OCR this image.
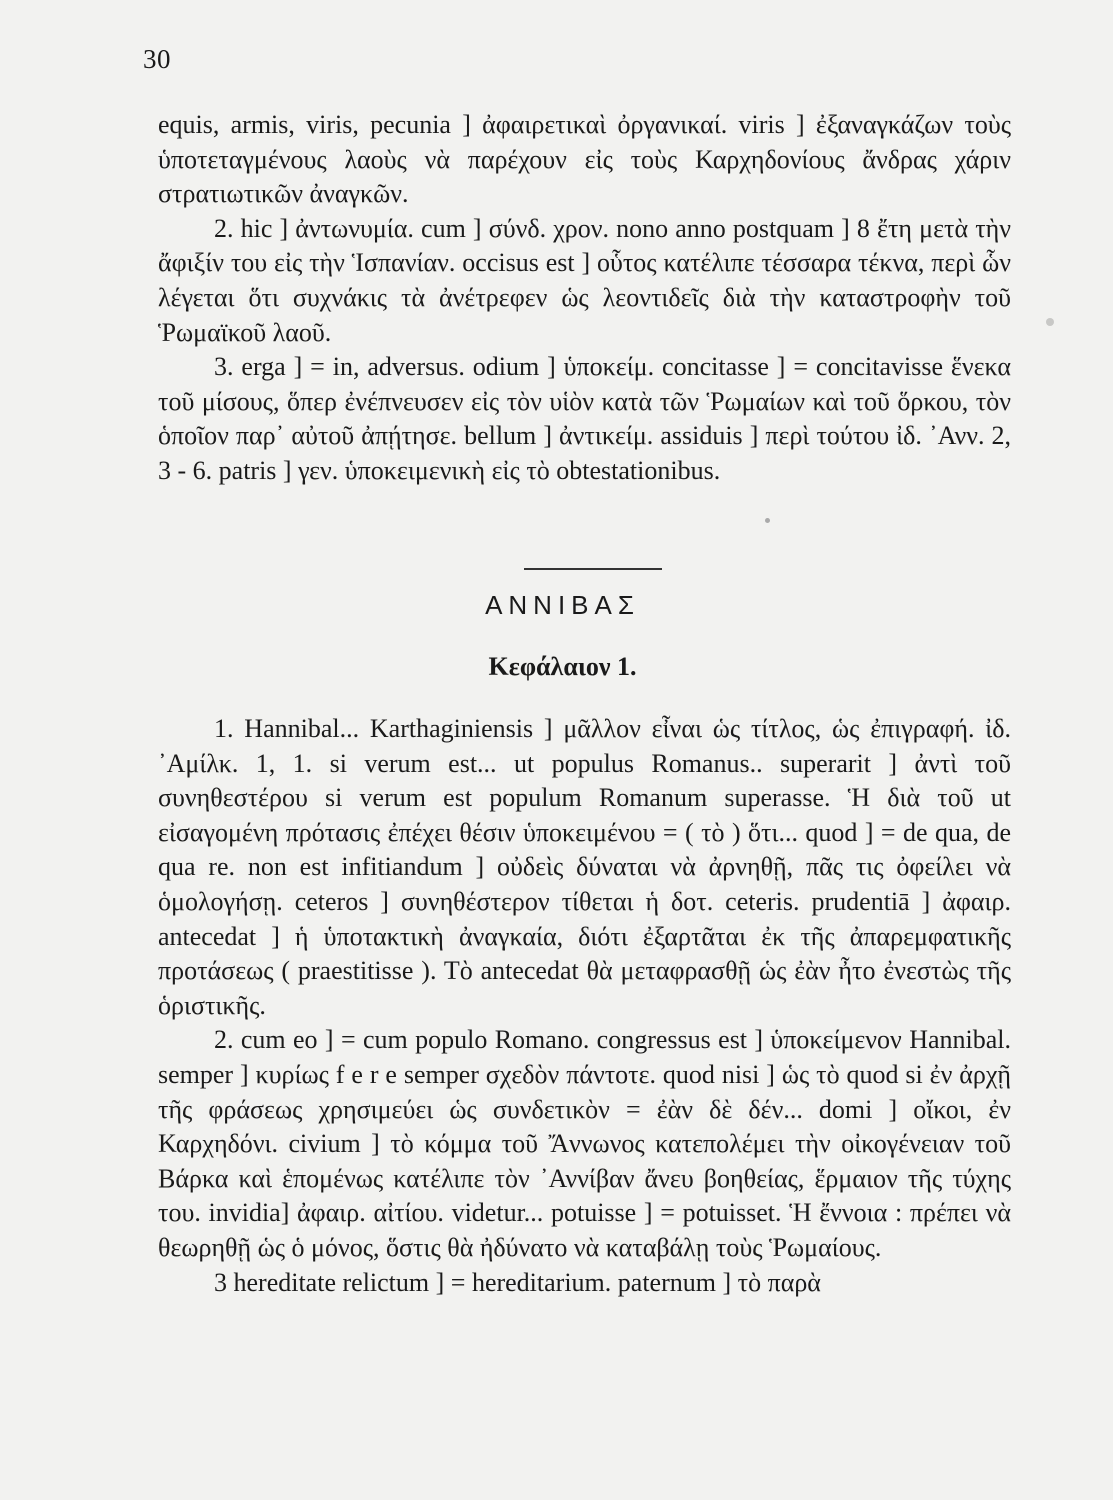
30

equis, armis, viris, pecunia ] ἀφαιρετικαὶ ὀργανικαί. viris ] ἐξαναγκάζων τοὺς ὑποτεταγμένους λαοὺς νὰ παρέχουν εἰς τοὺς Καρχηδονίους ἄνδρας χάριν στρατιωτικῶν ἀναγκῶν.

2. hic ] ἀντωνυμία. cum ] σύνδ. χρον. nono anno postquam ] 8 ἔτη μετὰ τὴν ἄφιξίν του εἰς τὴν Ἱσπανίαν. occisus est ] οὗτος κατέλιπε τέσσαρα τέκνα, περὶ ὧν λέγεται ὅτι συχνάκις τὰ ἀνέτρεφεν ὡς λεοντιδεῖς διὰ τὴν καταστροφὴν τοῦ Ῥωμαϊκοῦ λαοῦ.

3. erga ] = in, adversus. odium ] ὑποκείμ. concitasse ] = concitavisse ἕνεκα τοῦ μίσους, ὅπερ ἐνέπνευσεν εἰς τὸν υἱὸν κατὰ τῶν Ῥωμαίων καὶ τοῦ ὅρκου, τὸν ὁποῖον παρ᾽ αὐτοῦ ἀπῄτησε. bellum ] ἀντικείμ. assiduis ] περὶ τούτου ἰδ. ᾿Ανν. 2, 3 - 6. patris ] γεν. ὑποκειμενικὴ εἰς τὸ obtestationibus.

ΑΝΝΙΒΑΣ
Κεφάλαιον 1.

1. Hannibal... Karthaginiensis ] μᾶλλον εἶναι ὡς τίτλος, ὡς ἐπιγραφή. ἰδ. ᾿Αμίλκ. 1, 1. si verum est... ut populus Romanus.. superarit ] ἀντὶ τοῦ συνηθεστέρου si verum est populum Romanum superasse. Ἡ διὰ τοῦ ut εἰσαγομένη πρότασις ἐπέχει θέσιν ὑποκειμένου = ( τὸ ) ὅτι... quod ] = de qua, de qua re. non est infitiandum ] οὐδεὶς δύναται νὰ ἀρνηθῇ, πᾶς τις ὀφείλει νὰ ὁμολογήσῃ. ceteros ] συνηθέστερον τίθεται ἡ δοτ. ceteris. prudentiā ] ἀφαιρ. antecedat ] ἡ ὑποτακτικὴ ἀναγκαία, διότι ἐξαρτᾶται ἐκ τῆς ἀπαρεμφατικῆς προτάσεως ( praestitisse ). Τὸ antecedat θὰ μεταφρασθῇ ὡς ἐὰν ἦτο ἐνεστὼς τῆς ὁριστικῆς.

2. cum eo ] = cum populo Romano. congressus est ] ὑποκείμενον Hannibal. semper ] κυρίως f e r e semper σχεδὸν πάντοτε. quod nisi ] ὡς τὸ quod si ἐν ἀρχῇ τῆς φράσεως χρησιμεύει ὡς συνδετικὸν = ἐὰν δὲ δέν... domi ] οἴκοι, ἐν Καρχηδόνι. civium ] τὸ κόμμα τοῦ Ἄννωνος κατεπολέμει τὴν οἰκογένειαν τοῦ Βάρκα καὶ ἑπομένως κατέλιπε τὸν ᾿Αννίβαν ἄνευ βοηθείας, ἕρμαιον τῆς τύχης του. invidia] ἀφαιρ. αἰτίου. videtur... potuisse ] = potuisset. Ἡ ἔννοια : πρέπει νὰ θεωρηθῇ ὡς ὁ μόνος, ὅστις θὰ ἠδύνατο νὰ καταβάλῃ τοὺς Ῥωμαίους.

3 hereditate relictum ] = hereditarium. paternum ] τὸ παρὰ
